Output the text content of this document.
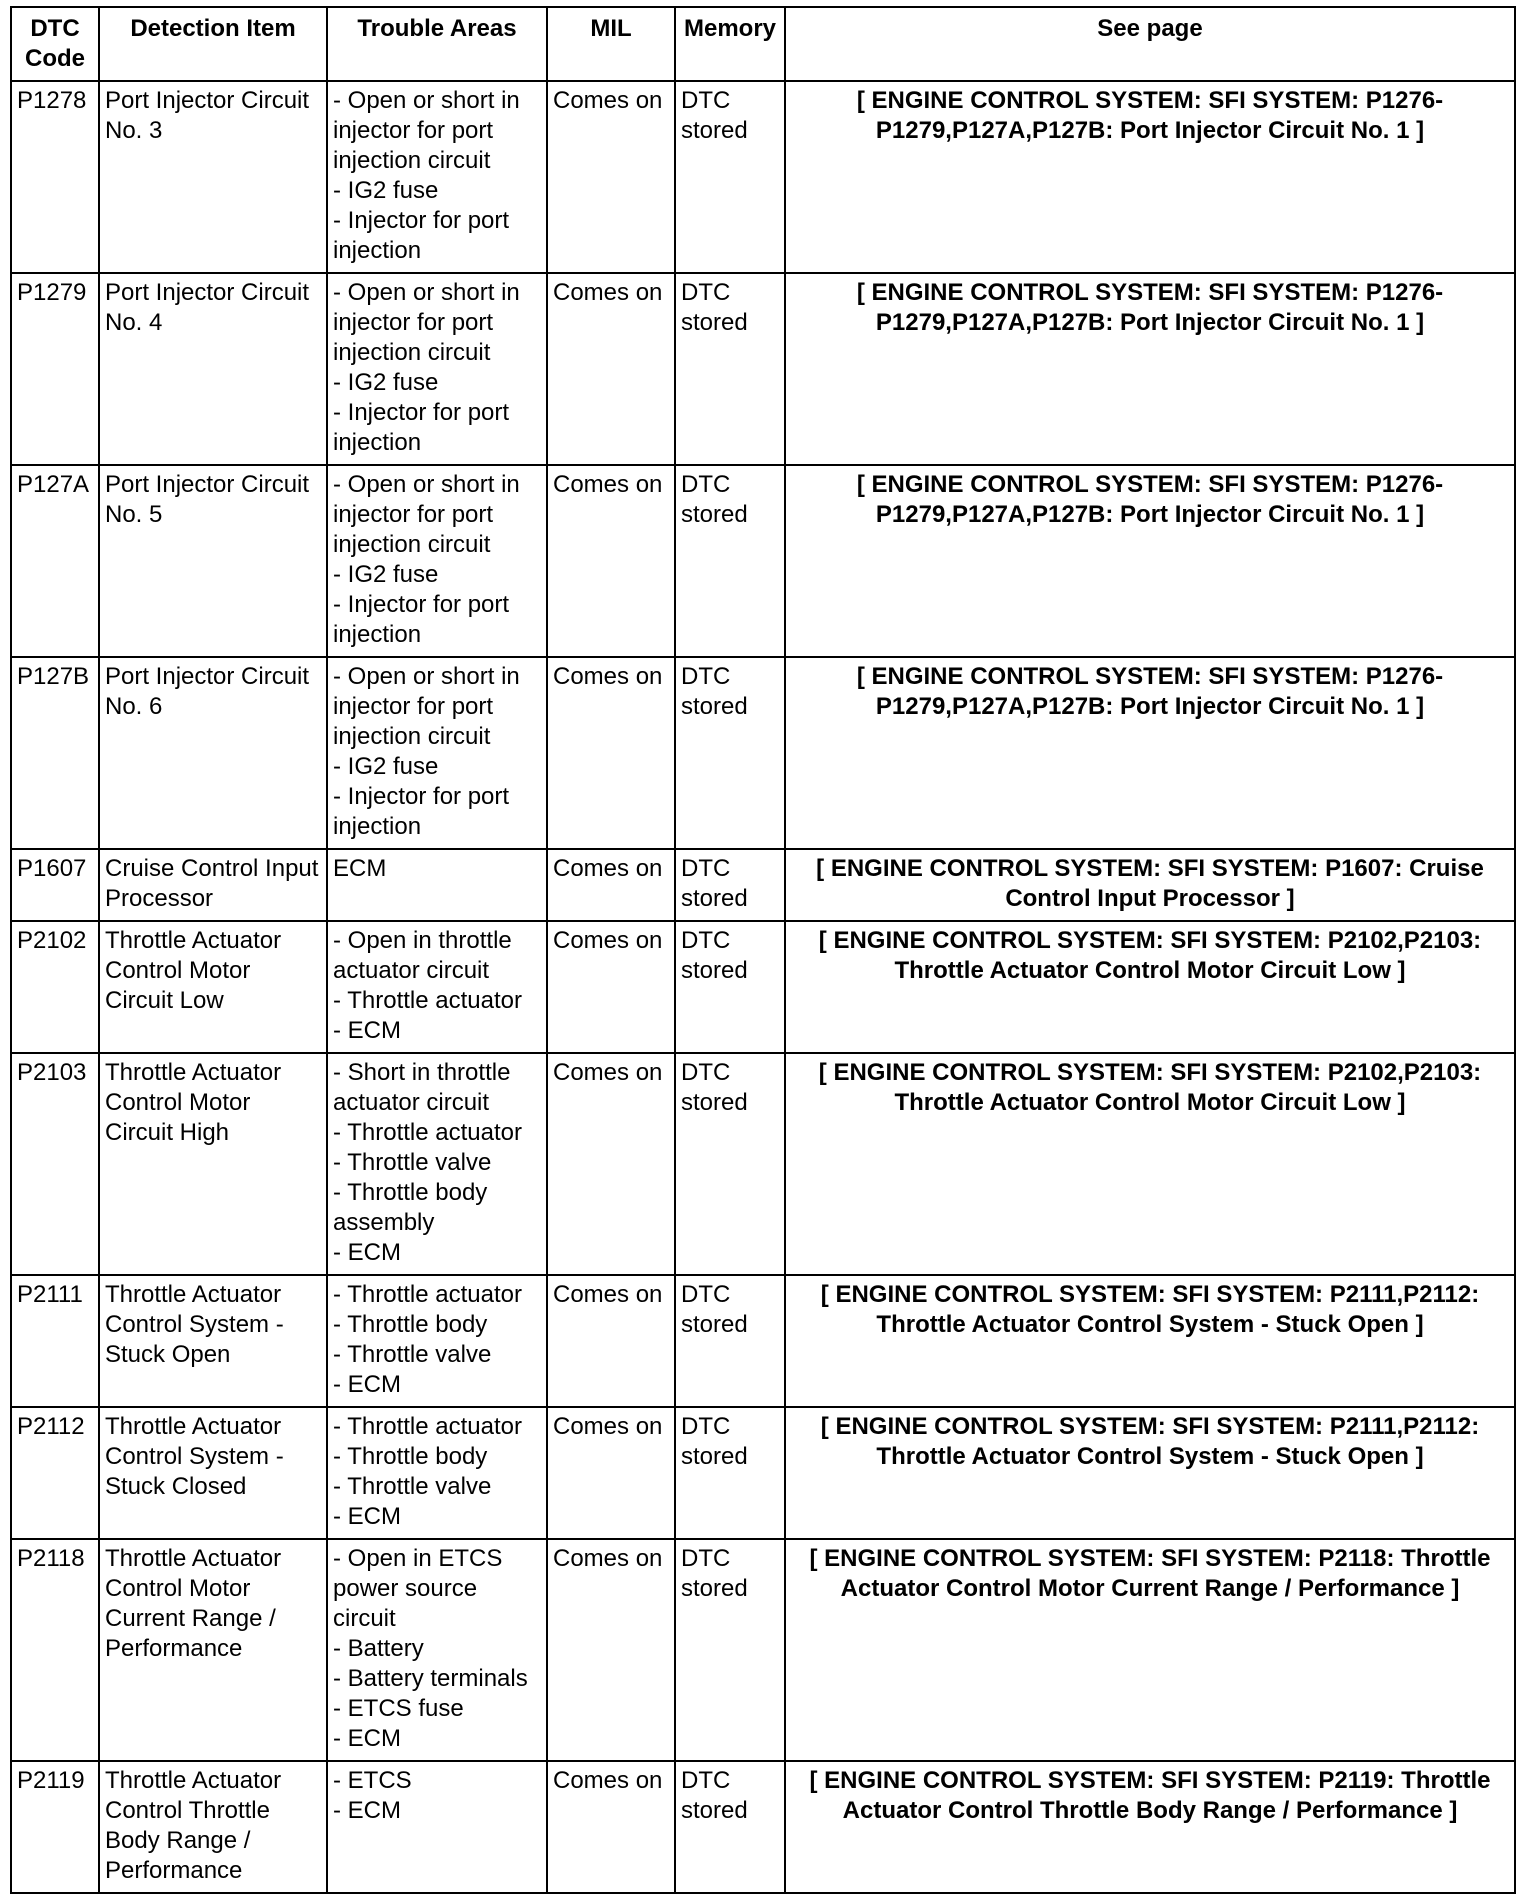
DTC Code	Detection Item	Trouble Areas	MIL	Memory	See page
P1278	Port Injector Circuit No. 3	- Open or short in injector for port injection circuit
- IG2 fuse
- Injector for port injection	Comes on	DTC stored	[ ENGINE CONTROL SYSTEM: SFI SYSTEM: P1276-P1279,P127A,P127B: Port Injector Circuit No. 1 ]
P1279	Port Injector Circuit No. 4	- Open or short in injector for port injection circuit
- IG2 fuse
- Injector for port injection	Comes on	DTC stored	[ ENGINE CONTROL SYSTEM: SFI SYSTEM: P1276-P1279,P127A,P127B: Port Injector Circuit No. 1 ]
P127A	Port Injector Circuit No. 5	- Open or short in injector for port injection circuit
- IG2 fuse
- Injector for port injection	Comes on	DTC stored	[ ENGINE CONTROL SYSTEM: SFI SYSTEM: P1276-P1279,P127A,P127B: Port Injector Circuit No. 1 ]
P127B	Port Injector Circuit No. 6	- Open or short in injector for port injection circuit
- IG2 fuse
- Injector for port injection	Comes on	DTC stored	[ ENGINE CONTROL SYSTEM: SFI SYSTEM: P1276-P1279,P127A,P127B: Port Injector Circuit No. 1 ]
P1607	Cruise Control Input Processor	ECM	Comes on	DTC stored	[ ENGINE CONTROL SYSTEM: SFI SYSTEM: P1607: Cruise Control Input Processor ]
P2102	Throttle Actuator Control Motor Circuit Low	- Open in throttle actuator circuit
- Throttle actuator
- ECM	Comes on	DTC stored	[ ENGINE CONTROL SYSTEM: SFI SYSTEM: P2102,P2103: Throttle Actuator Control Motor Circuit Low ]
P2103	Throttle Actuator Control Motor Circuit High	- Short in throttle actuator circuit
- Throttle actuator
- Throttle valve
- Throttle body assembly
- ECM	Comes on	DTC stored	[ ENGINE CONTROL SYSTEM: SFI SYSTEM: P2102,P2103: Throttle Actuator Control Motor Circuit Low ]
P2111	Throttle Actuator Control System - Stuck Open	- Throttle actuator
- Throttle body
- Throttle valve
- ECM	Comes on	DTC stored	[ ENGINE CONTROL SYSTEM: SFI SYSTEM: P2111,P2112: Throttle Actuator Control System - Stuck Open ]
P2112	Throttle Actuator Control System - Stuck Closed	- Throttle actuator
- Throttle body
- Throttle valve
- ECM	Comes on	DTC stored	[ ENGINE CONTROL SYSTEM: SFI SYSTEM: P2111,P2112: Throttle Actuator Control System - Stuck Open ]
P2118	Throttle Actuator Control Motor Current Range / Performance	- Open in ETCS power source circuit
- Battery
- Battery terminals
- ETCS fuse
- ECM	Comes on	DTC stored	[ ENGINE CONTROL SYSTEM: SFI SYSTEM: P2118: Throttle Actuator Control Motor Current Range / Performance ]
P2119	Throttle Actuator Control Throttle Body Range / Performance	- ETCS
- ECM	Comes on	DTC stored	[ ENGINE CONTROL SYSTEM: SFI SYSTEM: P2119: Throttle Actuator Control Throttle Body Range / Performance ]
